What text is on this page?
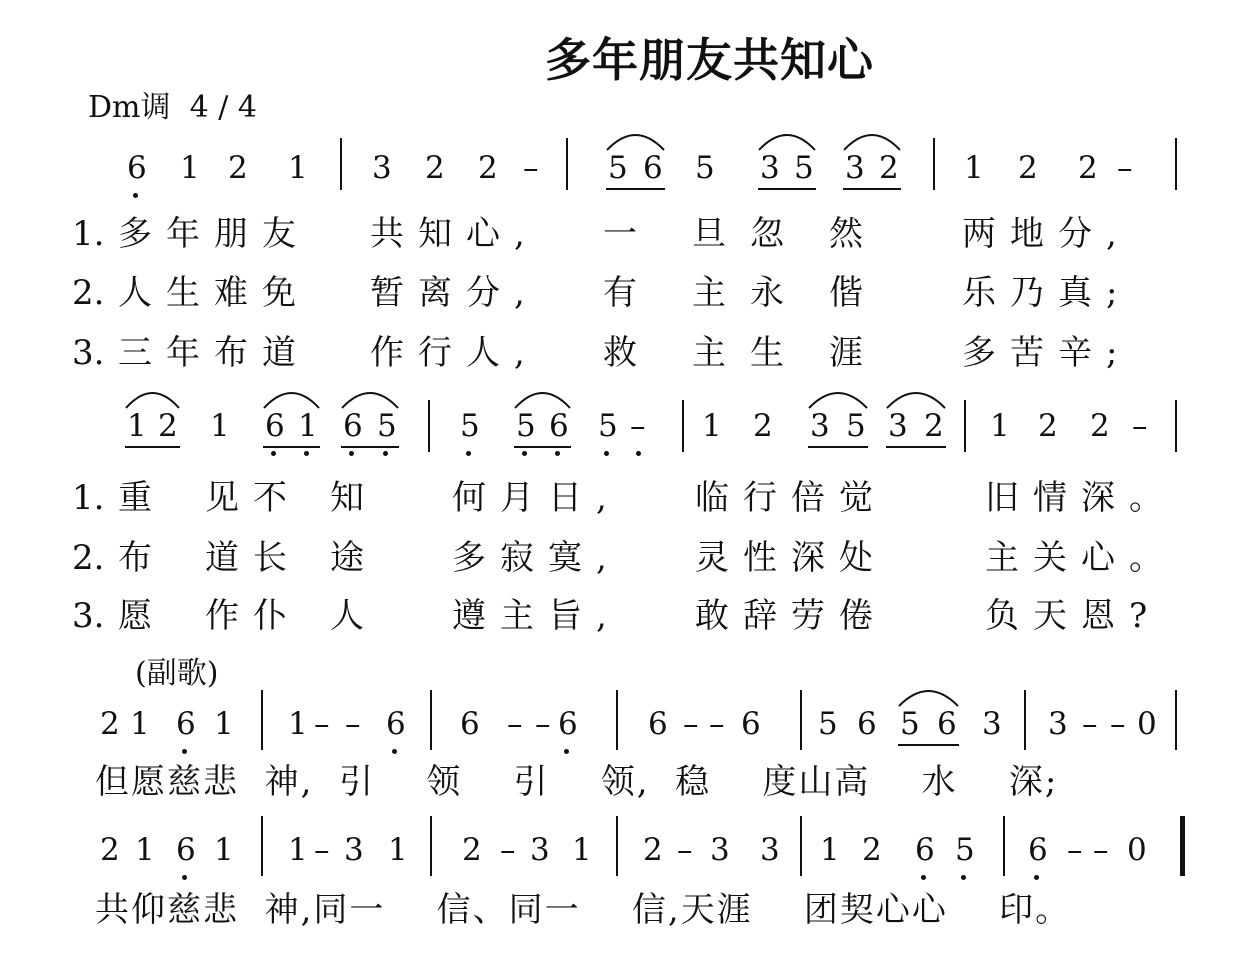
多年朋友共知心
Dm调  4 / 4
(副歌)
6 1 2 1 3 2 2 – 5 6 5 3 5 3 2 1 2 2 –
1 2 1 6 1 6 5 5 5 6 5 – 1 2 3 5 3 2 1 2 2 –
2 1 6 1 1 – – 6 6 – – 6 6 – – 6 5 6 5 6 3 3 – – 0
2 1 6 1 1 – 3 1 2 – 3 1 2 – 3 3 1 2 6 5 6 – – 0
1. 多年朋友 共知心, 一 旦 忽 然	两地分,
2. 人生难免 暂离分, 有 主 永 偕	乐乃真;
3. 三年布道 作行人, 救 主 生 涯	多苦辛;
1. 重 见不 知 何月日, 临行倍觉	旧情深。
2. 布 道长 途 多寂寞, 灵性深处	主关心。
3. 愿 作仆 人 遵主旨, 敢辞劳倦	负天恩?
但愿慈悲  神,  引    领    引    领,  稳    度山高    水    深;
共仰慈悲  神,同一    信、同一    信,天涯    团契心心    印。
